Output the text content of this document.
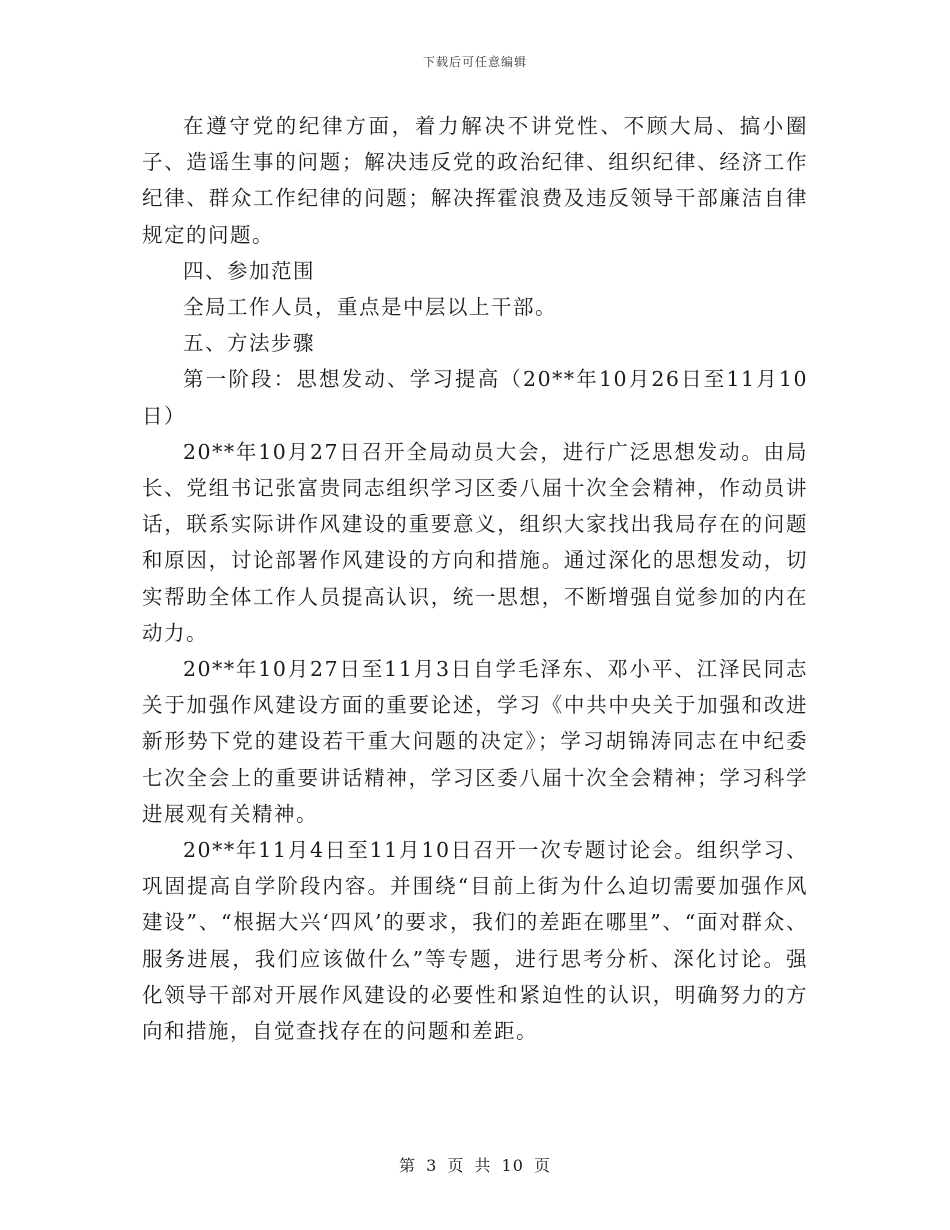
下载后可任意编辑

在遵守党的纪律方面，着力解决不讲党性、不顾大局、搞小圈子、造谣生事的问题；解决违反党的政治纪律、组织纪律、经济工作纪律、群众工作纪律的问题；解决挥霍浪费及违反领导干部廉洁自律规定的问题。

四、参加范围

全局工作人员，重点是中层以上干部。

五、方法步骤

第一阶段：思想发动、学习提高（20**年10月26日至11月10日）

20**年10月27日召开全局动员大会，进行广泛思想发动。由局长、党组书记张富贵同志组织学习区委八届十次全会精神，作动员讲话，联系实际讲作风建设的重要意义，组织大家找出我局存在的问题和原因，讨论部署作风建设的方向和措施。通过深化的思想发动，切实帮助全体工作人员提高认识，统一思想，不断增强自觉参加的内在动力。

20**年10月27日至11月3日自学毛泽东、邓小平、江泽民同志关于加强作风建设方面的重要论述，学习《中共中央关于加强和改进新形势下党的建设若干重大问题的决定》；学习胡锦涛同志在中纪委七次全会上的重要讲话精神，学习区委八届十次全会精神；学习科学进展观有关精神。

20**年11月4日至11月10日召开一次专题讨论会。组织学习、巩固提高自学阶段内容。并围绕“目前上街为什么迫切需要加强作风建设”、“根据大兴‘四风’的要求，我们的差距在哪里”、“面对群众、服务进展，我们应该做什么”等专题，进行思考分析、深化讨论。强化领导干部对开展作风建设的必要性和紧迫性的认识，明确努力的方向和措施，自觉查找存在的问题和差距。

第 3 页 共 10 页
